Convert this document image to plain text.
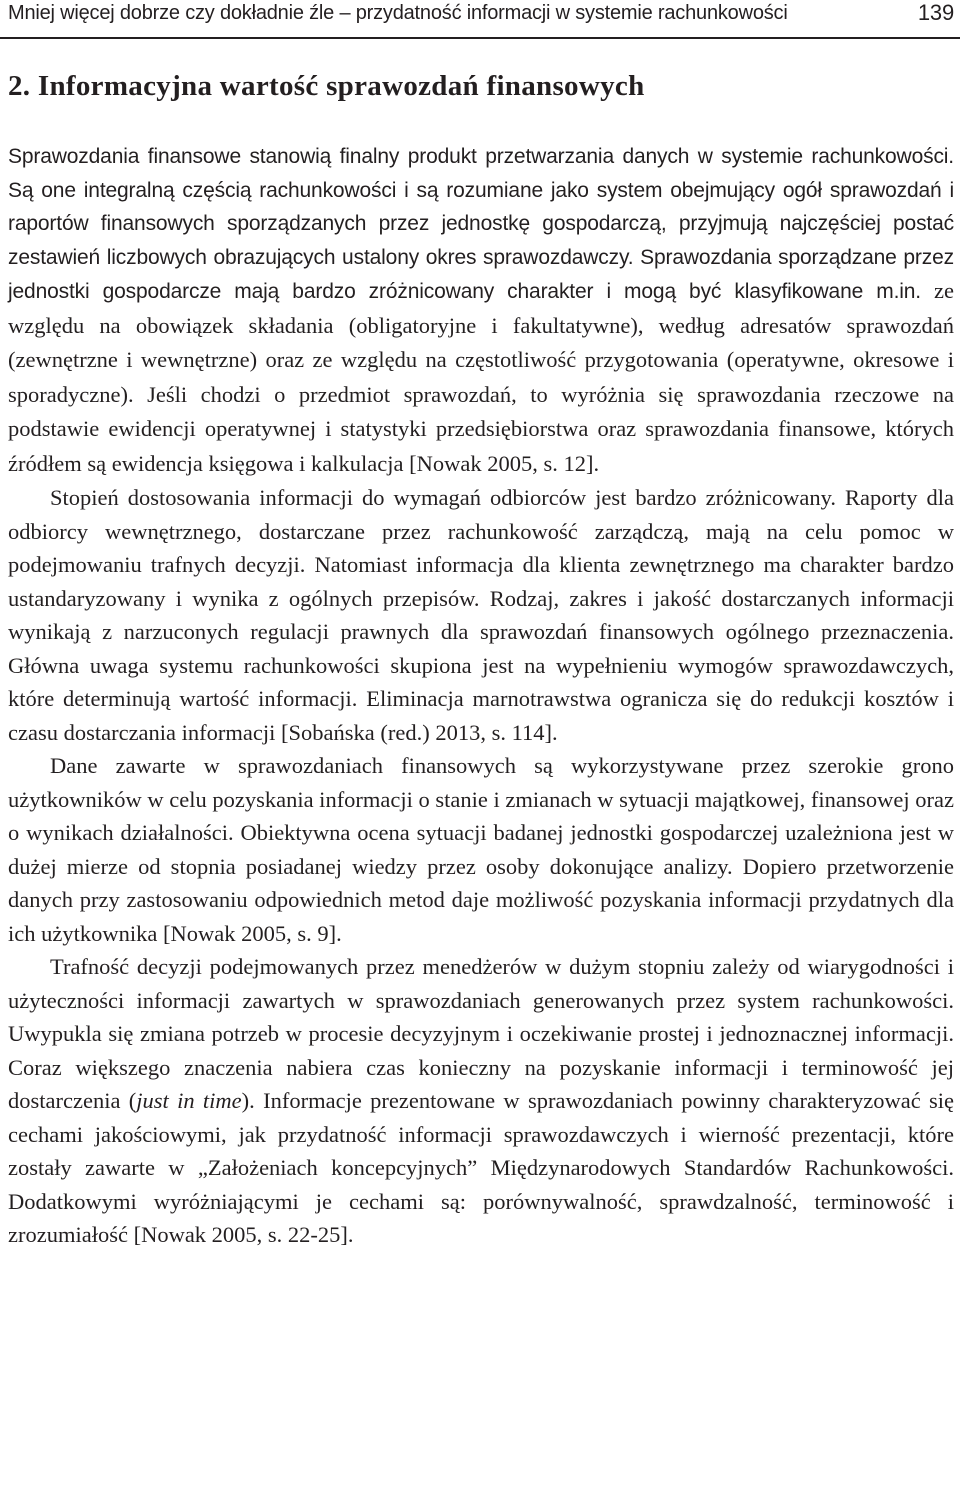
Mniej więcej dobrze czy dokładnie źle – przydatność informacji w systemie rachunkowości	139
2. Informacyjna wartość sprawozdań finansowych

Sprawozdania finansowe stanowią finalny produkt przetwarzania danych w systemie rachunkowości. Są one integralną częścią rachunkowości i są rozumiane jako system obejmujący ogół sprawozdań i raportów finansowych sporządzanych przez jednostkę gospodarczą, przyjmują najczęściej postać zestawień liczbowych obrazujących ustalony okres sprawozdawczy. Sprawozdania sporządzane przez jednostki gospodarcze mają bardzo zróżnicowany charakter i mogą być klasyfikowane m.in. ze względu na obowiązek składania (obligatoryjne i fakultatywne), według adresatów sprawozdań (zewnętrzne i wewnętrzne) oraz ze względu na częstotliwość przygotowania (operatywne, okresowe i sporadyczne). Jeśli chodzi o przedmiot sprawozdań, to wyróżnia się sprawozdania rzeczowe na podstawie ewidencji operatywnej i statystyki przedsiębiorstwa oraz sprawozdania finansowe, których źródłem są ewidencja księgowa i kalkulacja [Nowak 2005, s. 12].

Stopień dostosowania informacji do wymagań odbiorców jest bardzo zróżnicowany. Raporty dla odbiorcy wewnętrznego, dostarczane przez rachunkowość zarządczą, mają na celu pomoc w podejmowaniu trafnych decyzji. Natomiast informacja dla klienta zewnętrznego ma charakter bardzo ustandaryzowany i wynika z ogólnych przepisów. Rodzaj, zakres i jakość dostarczanych informacji wynikają z narzuconych regulacji prawnych dla sprawozdań finansowych ogólnego przeznaczenia. Główna uwaga systemu rachunkowości skupiona jest na wypełnieniu wymogów sprawozdawczych, które determinują wartość informacji. Eliminacja marnotrawstwa ogranicza się do redukcji kosztów i czasu dostarczania informacji [Sobańska (red.) 2013, s. 114].

Dane zawarte w sprawozdaniach finansowych są wykorzystywane przez szerokie grono użytkowników w celu pozyskania informacji o stanie i zmianach w sytuacji majątkowej, finansowej oraz o wynikach działalności. Obiektywna ocena sytuacji badanej jednostki gospodarczej uzależniona jest w dużej mierze od stopnia posiadanej wiedzy przez osoby dokonujące analizy. Dopiero przetworzenie danych przy zastosowaniu odpowiednich metod daje możliwość pozyskania informacji przydatnych dla ich użytkownika [Nowak 2005, s. 9].

Trafność decyzji podejmowanych przez menedżerów w dużym stopniu zależy od wiarygodności i użyteczności informacji zawartych w sprawozdaniach generowanych przez system rachunkowości. Uwypukla się zmiana potrzeb w procesie decyzyjnym i oczekiwanie prostej i jednoznacznej informacji. Coraz większego znaczenia nabiera czas konieczny na pozyskanie informacji i terminowość jej dostarczenia (just in time). Informacje prezentowane w sprawozdaniach powinny charakteryzować się cechami jakościowymi, jak przydatność informacji sprawozdawczych i wierność prezentacji, które zostały zawarte w „Założeniach koncepcyjnych” Międzynarodowych Standardów Rachunkowości. Dodatkowymi wyróżniającymi je cechami są: porównywalność, sprawdzalność, terminowość i zrozumiałość [Nowak 2005, s. 22-25].
